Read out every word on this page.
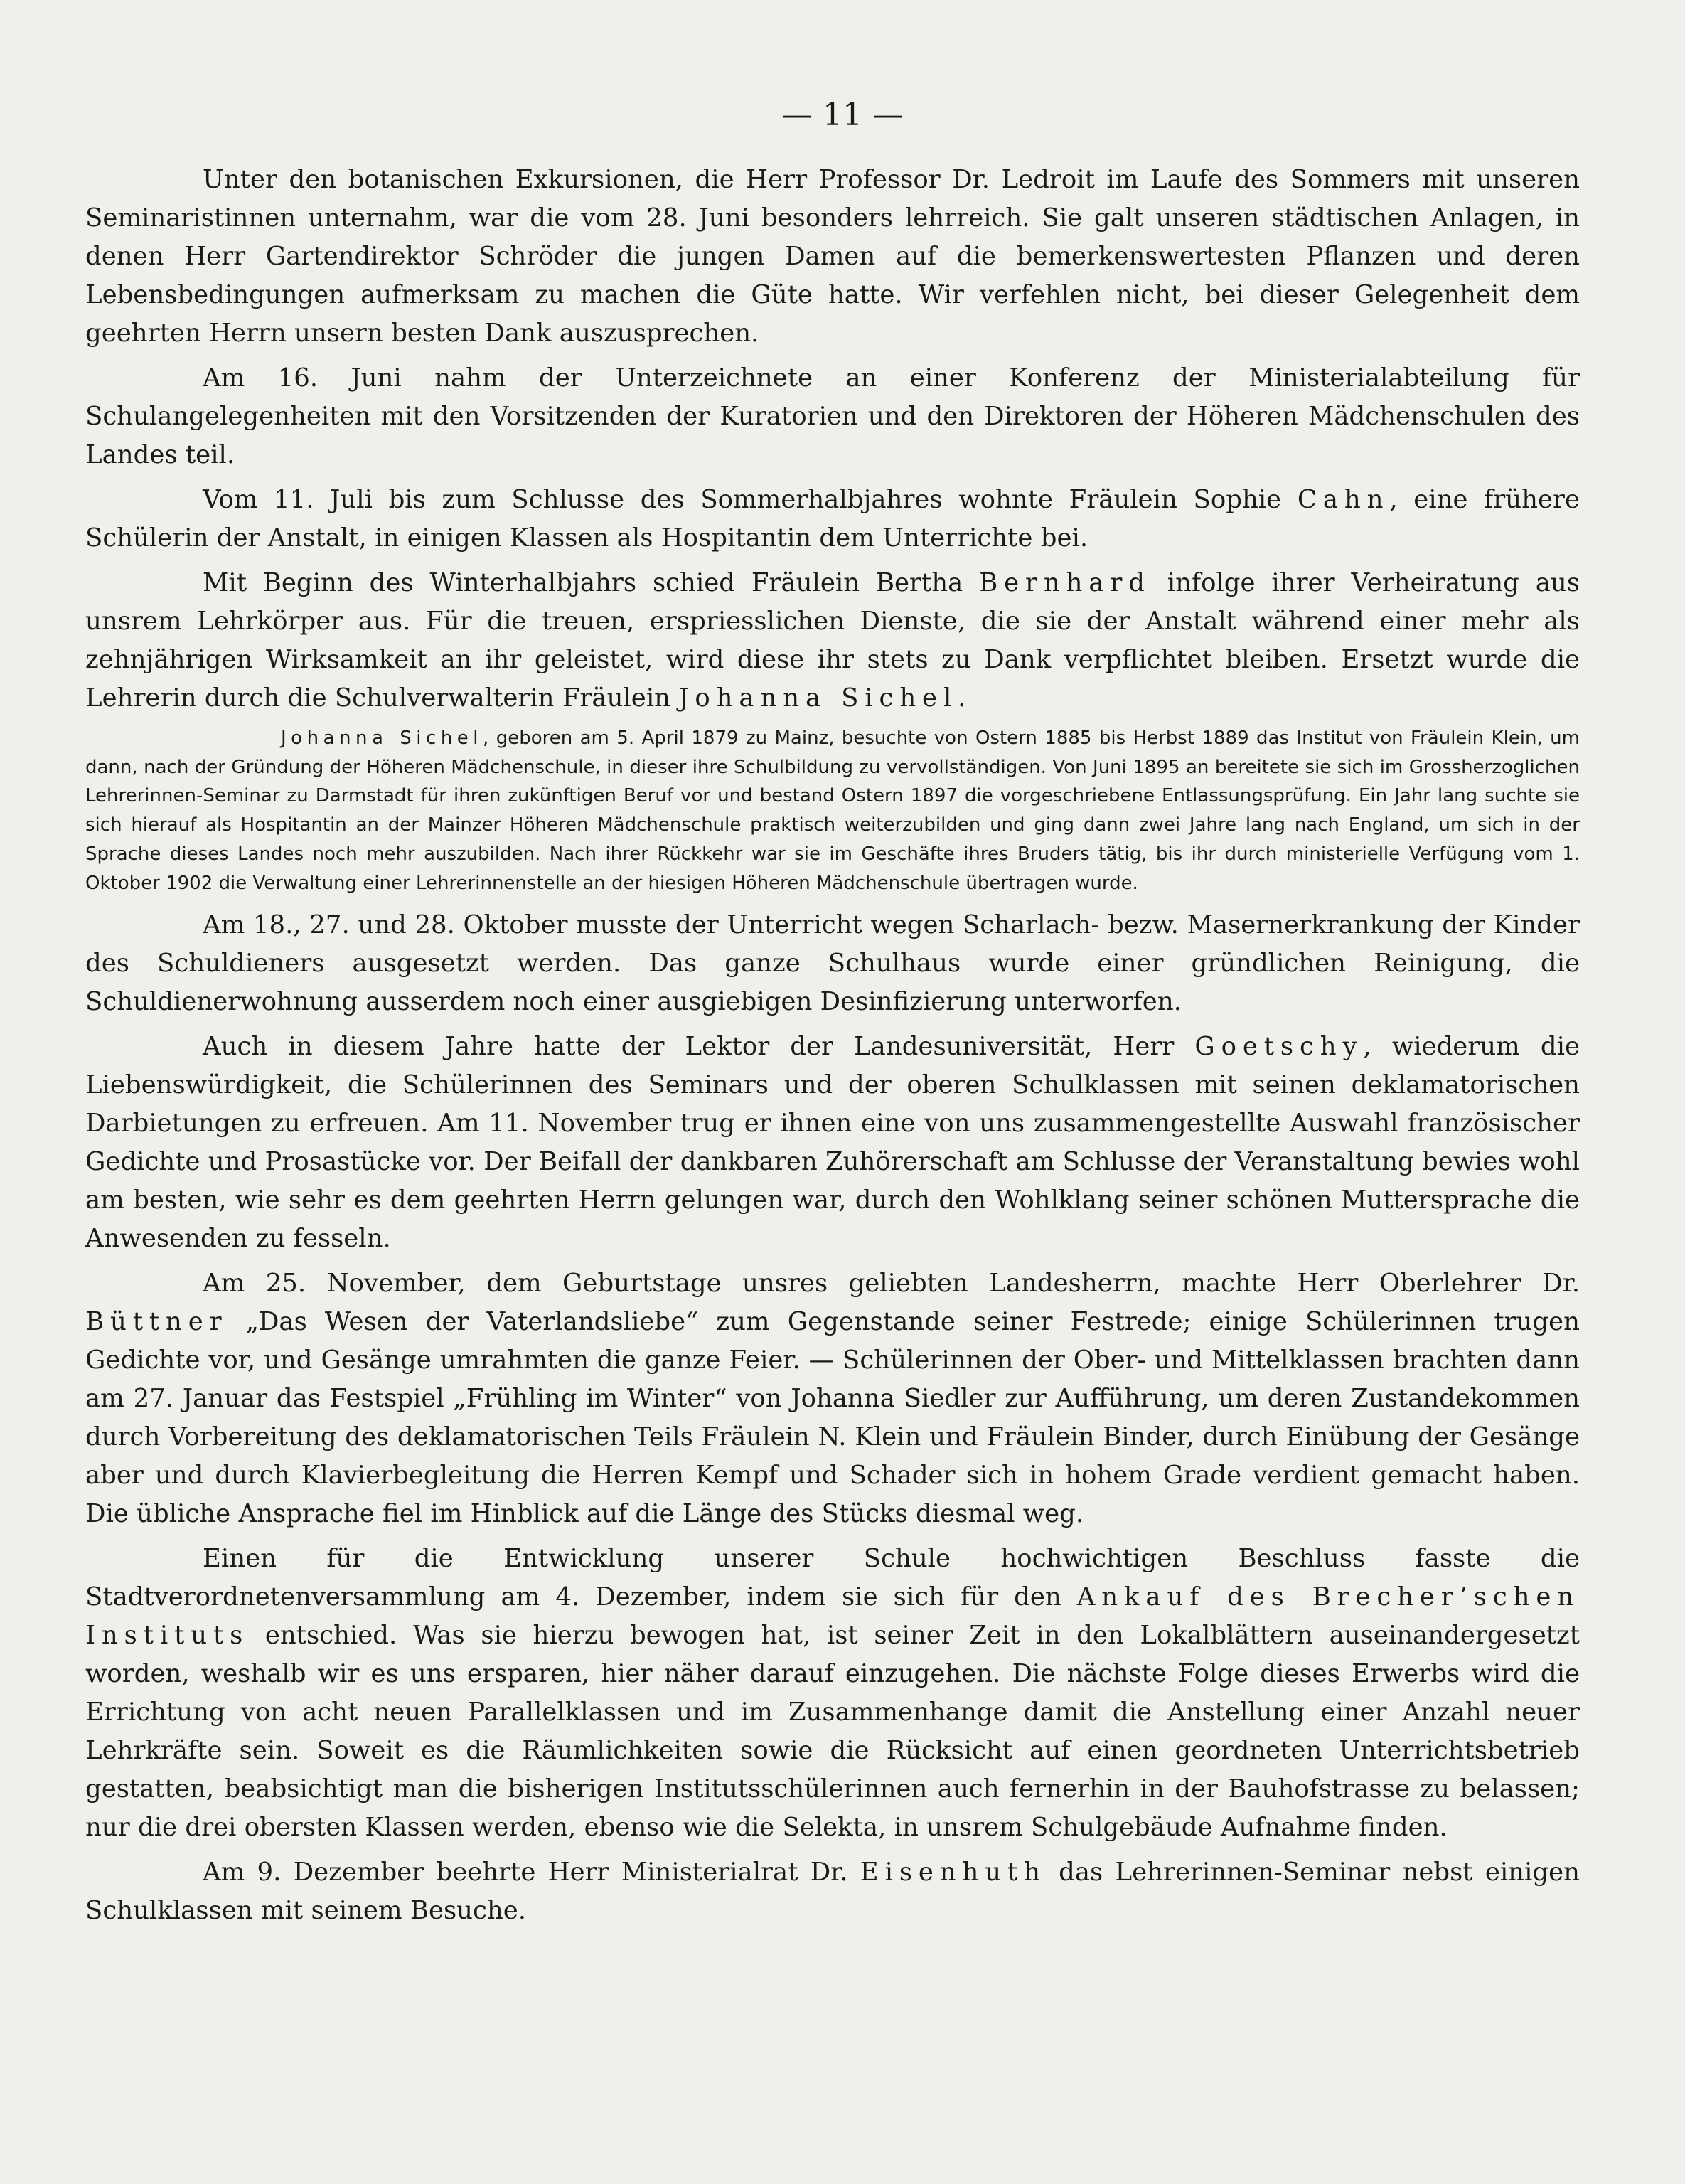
— 11 —

Unter den botanischen Exkursionen, die Herr Professor Dr. Ledroit im Laufe des Sommers mit unseren Seminaristinnen unternahm, war die vom 28. Juni besonders lehrreich. Sie galt unseren städtischen Anlagen, in denen Herr Gartendirektor Schröder die jungen Damen auf die bemerkenswertesten Pflanzen und deren Lebensbedingungen aufmerksam zu machen die Güte hatte. Wir verfehlen nicht, bei dieser Gelegenheit dem geehrten Herrn unsern besten Dank auszusprechen.

Am 16. Juni nahm der Unterzeichnete an einer Konferenz der Ministerialabteilung für Schulangelegenheiten mit den Vorsitzenden der Kuratorien und den Direktoren der Höheren Mädchenschulen des Landes teil.

Vom 11. Juli bis zum Schlusse des Sommerhalbjahres wohnte Fräulein Sophie Cahn, eine frühere Schülerin der Anstalt, in einigen Klassen als Hospitantin dem Unterrichte bei.

Mit Beginn des Winterhalbjahrs schied Fräulein Bertha Bernhard infolge ihrer Verheiratung aus unsrem Lehrkörper aus. Für die treuen, erspriesslichen Dienste, die sie der Anstalt während einer mehr als zehnjährigen Wirksamkeit an ihr geleistet, wird diese ihr stets zu Dank verpflichtet bleiben. Ersetzt wurde die Lehrerin durch die Schulverwalterin Fräulein Johanna Sichel.

Johanna Sichel, geboren am 5. April 1879 zu Mainz, besuchte von Ostern 1885 bis Herbst 1889 das Institut von Fräulein Klein, um dann, nach der Gründung der Höheren Mädchenschule, in dieser ihre Schulbildung zu vervollständigen. Von Juni 1895 an bereitete sie sich im Grossherzoglichen Lehrerinnen-Seminar zu Darmstadt für ihren zukünftigen Beruf vor und bestand Ostern 1897 die vorgeschriebene Entlassungsprüfung. Ein Jahr lang suchte sie sich hierauf als Hospitantin an der Mainzer Höheren Mädchenschule praktisch weiterzubilden und ging dann zwei Jahre lang nach England, um sich in der Sprache dieses Landes noch mehr auszubilden. Nach ihrer Rückkehr war sie im Geschäfte ihres Bruders tätig, bis ihr durch ministerielle Verfügung vom 1. Oktober 1902 die Verwaltung einer Lehrerinnenstelle an der hiesigen Höheren Mädchenschule übertragen wurde.

Am 18., 27. und 28. Oktober musste der Unterricht wegen Scharlach- bezw. Masernerkrankung der Kinder des Schuldieners ausgesetzt werden. Das ganze Schulhaus wurde einer gründlichen Reinigung, die Schuldienerwohnung ausserdem noch einer ausgiebigen Desinfizierung unterworfen.

Auch in diesem Jahre hatte der Lektor der Landesuniversität, Herr Goetschy, wiederum die Liebenswürdigkeit, die Schülerinnen des Seminars und der oberen Schulklassen mit seinen deklamatorischen Darbietungen zu erfreuen. Am 11. November trug er ihnen eine von uns zusammengestellte Auswahl französischer Gedichte und Prosastücke vor. Der Beifall der dankbaren Zuhörerschaft am Schlusse der Veranstaltung bewies wohl am besten, wie sehr es dem geehrten Herrn gelungen war, durch den Wohlklang seiner schönen Muttersprache die Anwesenden zu fesseln.

Am 25. November, dem Geburtstage unsres geliebten Landesherrn, machte Herr Oberlehrer Dr. Büttner „Das Wesen der Vaterlandsliebe“ zum Gegenstande seiner Festrede; einige Schülerinnen trugen Gedichte vor, und Gesänge umrahmten die ganze Feier. — Schülerinnen der Ober- und Mittelklassen brachten dann am 27. Januar das Festspiel „Frühling im Winter“ von Johanna Siedler zur Aufführung, um deren Zustandekommen durch Vorbereitung des deklamatorischen Teils Fräulein N. Klein und Fräulein Binder, durch Einübung der Gesänge aber und durch Klavierbegleitung die Herren Kempf und Schader sich in hohem Grade verdient gemacht haben. Die übliche Ansprache fiel im Hinblick auf die Länge des Stücks diesmal weg.

Einen für die Entwicklung unserer Schule hochwichtigen Beschluss fasste die Stadtverordnetenversammlung am 4. Dezember, indem sie sich für den Ankauf des Brecher’schen Instituts entschied. Was sie hierzu bewogen hat, ist seiner Zeit in den Lokalblättern auseinandergesetzt worden, weshalb wir es uns ersparen, hier näher darauf einzugehen. Die nächste Folge dieses Erwerbs wird die Errichtung von acht neuen Parallelklassen und im Zusammenhange damit die Anstellung einer Anzahl neuer Lehrkräfte sein. Soweit es die Räumlichkeiten sowie die Rücksicht auf einen geordneten Unterrichtsbetrieb gestatten, beabsichtigt man die bisherigen Institutsschülerinnen auch fernerhin in der Bauhofstrasse zu belassen; nur die drei obersten Klassen werden, ebenso wie die Selekta, in unsrem Schulgebäude Aufnahme finden.

Am 9. Dezember beehrte Herr Ministerialrat Dr. Eisenhuth das Lehrerinnen-Seminar nebst einigen Schulklassen mit seinem Besuche.
